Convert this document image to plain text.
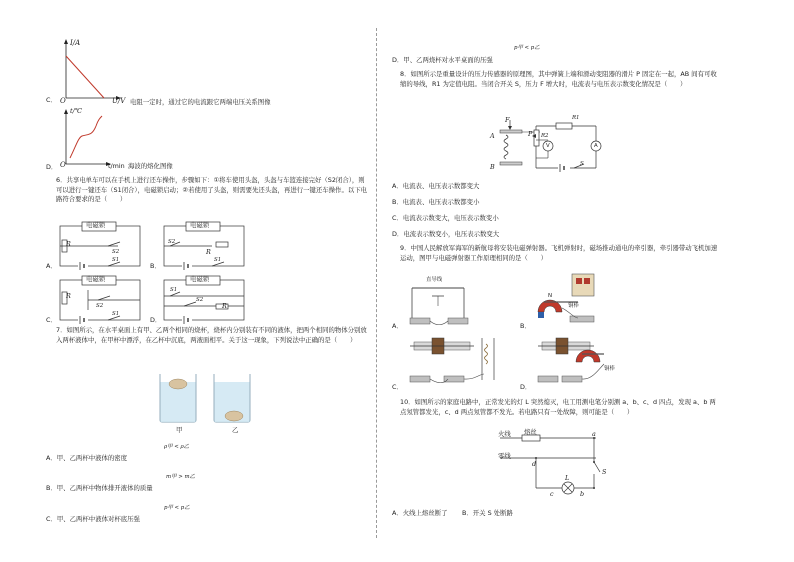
C．
I/A
O	U/V 电阻一定时，通过它的电流跟它两端电压关系图像
D．
t/℃
O	t/min 海波的熔化图像
6．共享电单车可以在手机上进行还车操作，步骤如下：①将车使用头盔，头盔与车篮连接完好（S2闭合），则可以进行一键还车（S1闭合），电磁锁启动；②若使用了头盔，则需要先还头盔，再进行一键还车操作。以下电路符合要求的是（　　）
A．
电磁锁
R
S2
S1
B．
电磁锁
S2
R
S1
C．
电磁锁
R
S2
S1
D．
电磁锁
S1
S2
R
7．如图所示，在水平桌面上有甲、乙两个相同的烧杯，烧杯内分别装有不同的液体，把两个相同的物体分别放入两杯液体中，在甲杯中漂浮，在乙杯中沉底，两液面相平。关于这一现象，下列说法中正确的是（　　）
甲	乙
ρ甲 < ρ乙
A．甲、乙两杯中液体的密度
m甲 > m乙
B．甲、乙两杯中物体排开液体的质量
p甲 < p乙
C．甲、乙两杯中液体对杯底压强
p甲 < p乙
D．甲、乙两烧杯对水平桌面的压强
8．如图所示是重量设计的压力传感器的原理图，其中弹簧上端和滑动变阻器的滑片 P 固定在一起，AB 间有可收缩的导线，R1 为定值电阻。当闭合开关 S，压力 F 增大时，电流表与电压表示数变化情况是（　　）
F
A
B
P R2
R1
V	A
S
A．电流表、电压表示数都变大
B．电流表、电压表示数都变小
C．电流表示数变大，电压表示数变小
D．电流表示数变小，电压表示数变大
9．中国人民解放军海军的新航母将安装电磁弹射器。飞机弹射时，磁场推动通电的牵引器，牵引器带动飞机加速运动，图甲与电磁弹射器工作原理相同的是（　　）
A．
直导线
B．
N
铜棒
C．	D．
铜棒
10．如图所示的家庭电路中，正常发光的灯 L 突然熄灭，电工用测电笔分别测 a、b、c、d 四点，发现 a、b 两点氖管都发光，c、d 两点氖管都不发光。若电路只有一处故障，则可能是（　　）
火线 熔丝
零线
a
b
c
d
L
S
A．火线上熔丝断了 B．开关 S 处断路
